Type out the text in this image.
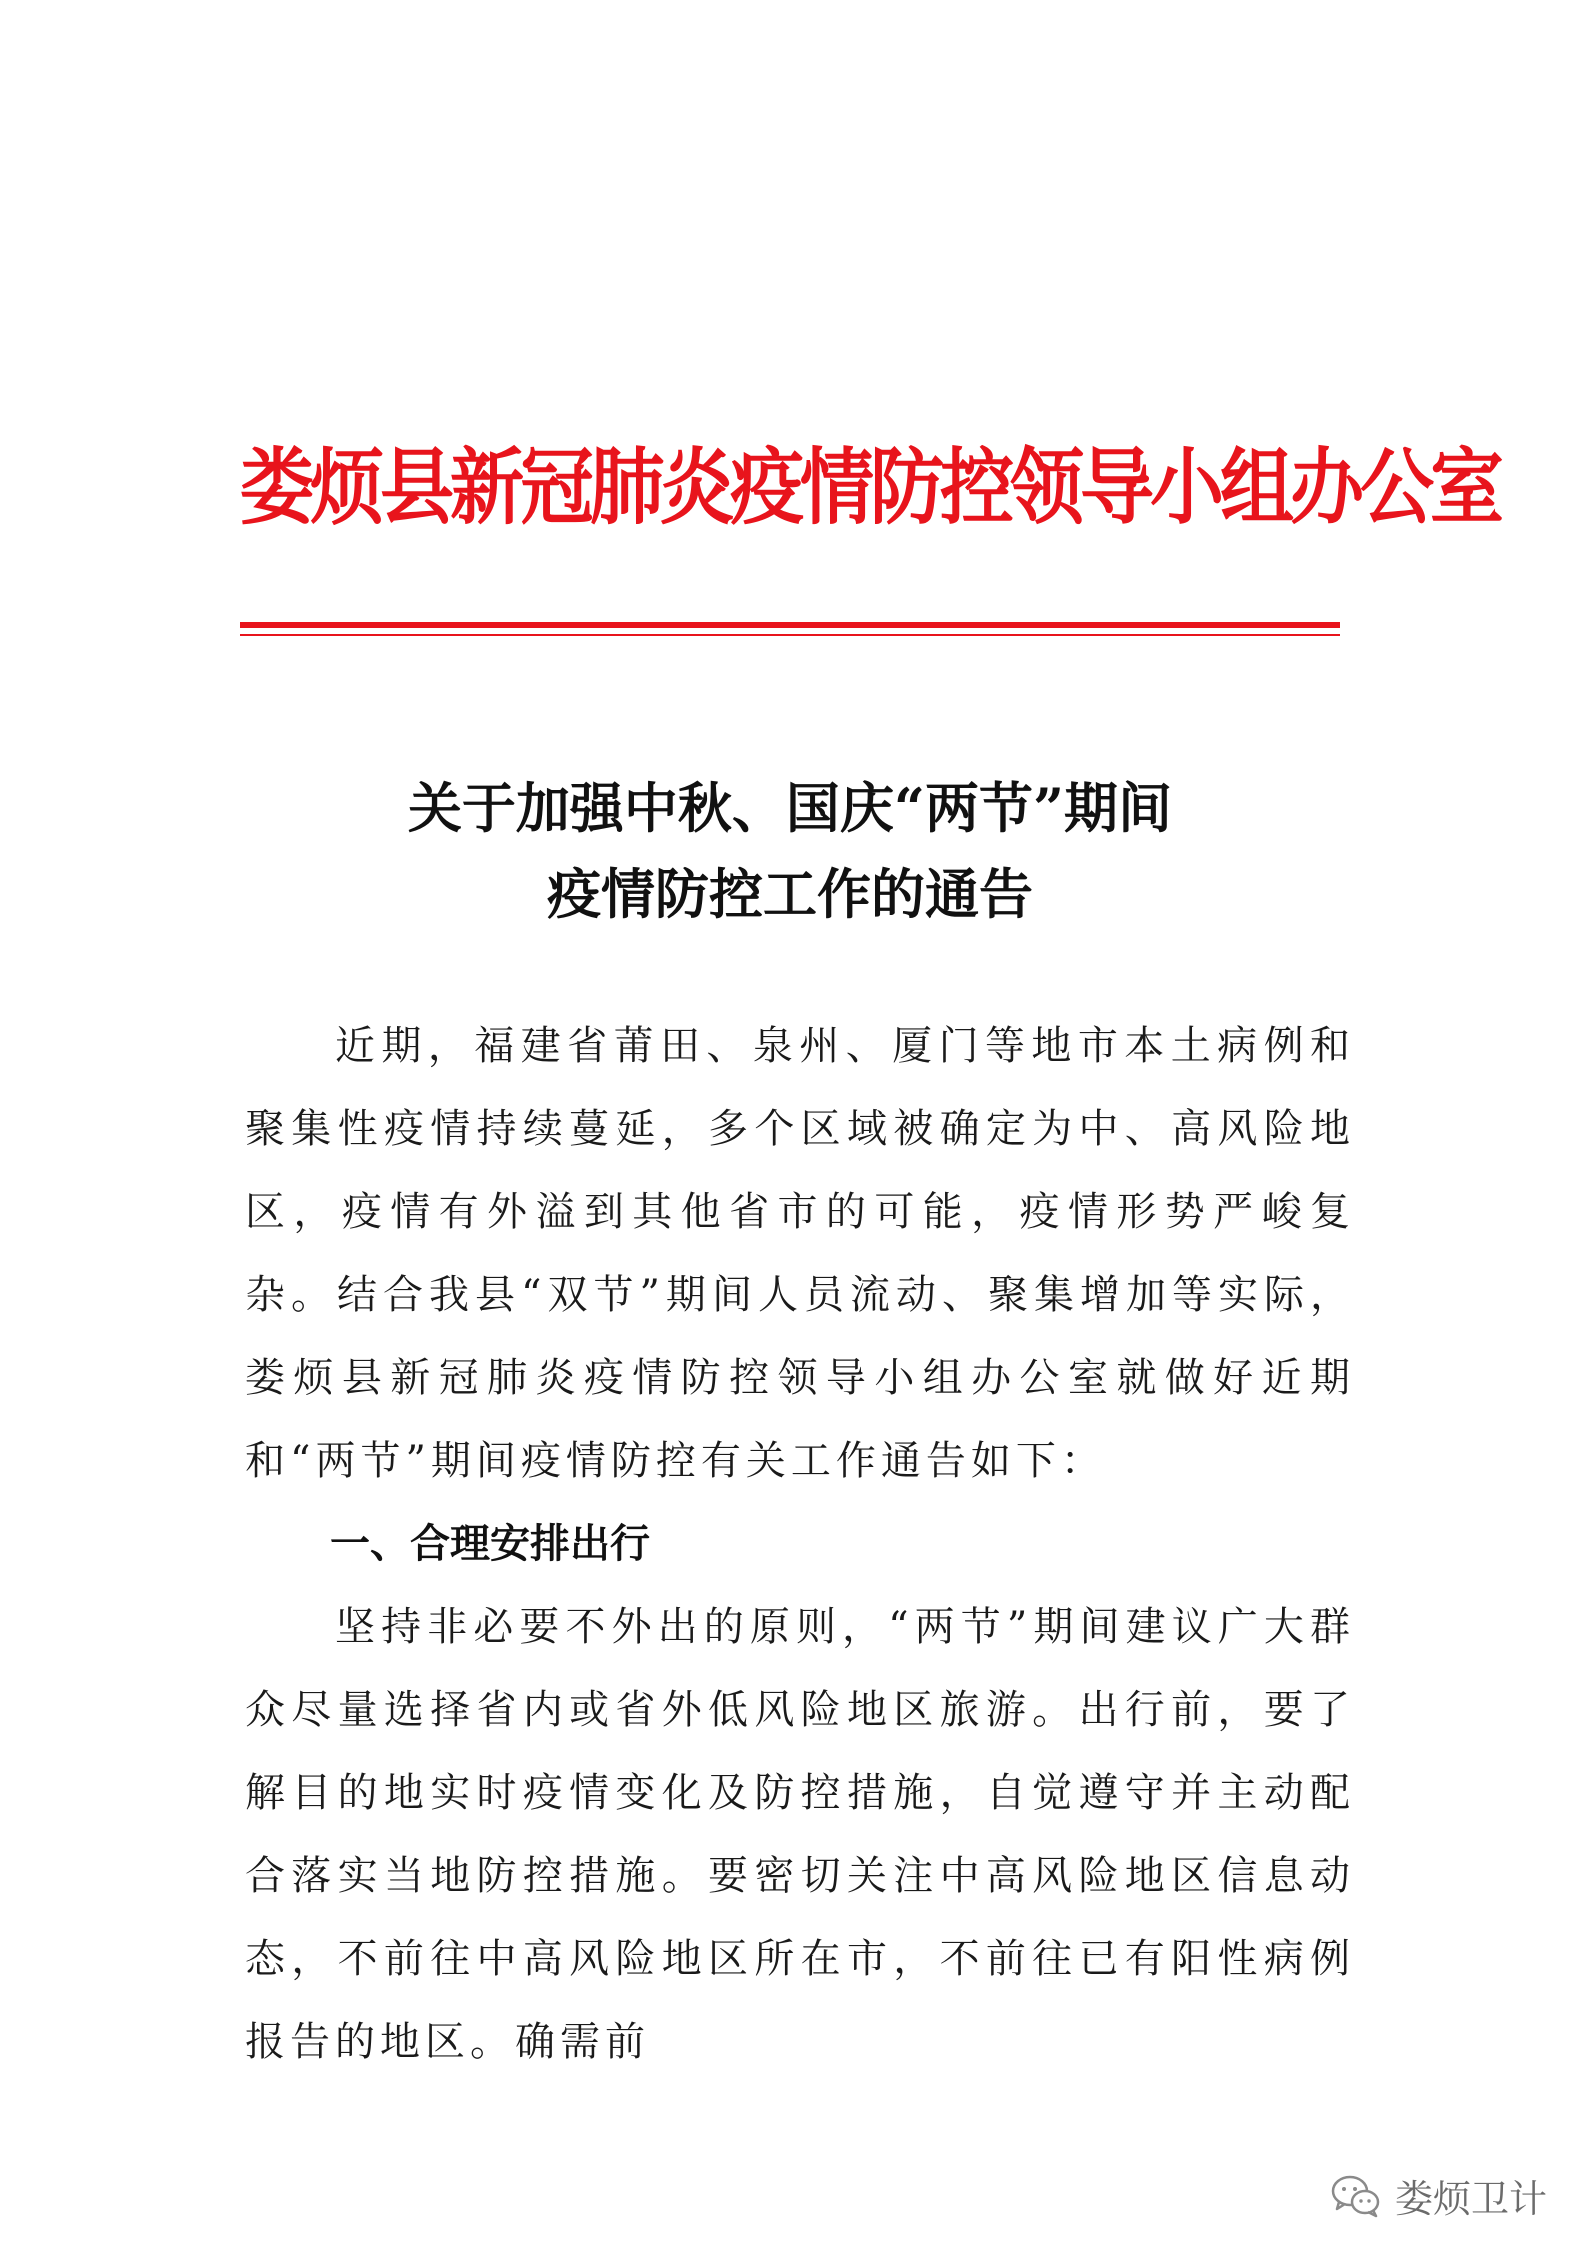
娄烦县新冠肺炎疫情防控领导小组办公室
关于加强中秋、国庆“两节”期间
疫情防控工作的通告

近期，福建省莆田、泉州、厦门等地市本土病例和聚集性疫情持续蔓延，多个区域被确定为中、高风险地区，疫情有外溢到其他省市的可能，疫情形势严峻复杂。结合我县“双节”期间人员流动、聚集增加等实际，娄烦县新冠肺炎疫情防控领导小组办公室就做好近期和“两节”期间疫情防控有关工作通告如下：

一、合理安排出行

坚持非必要不外出的原则，“两节”期间建议广大群众尽量选择省内或省外低风险地区旅游。出行前，要了解目的地实时疫情变化及防控措施，自觉遵守并主动配合落实当地防控措施。要密切关注中高风险地区信息动态，不前往中高风险地区所在市，不前往已有阳性病例报告的地区。确需前

娄烦卫计
